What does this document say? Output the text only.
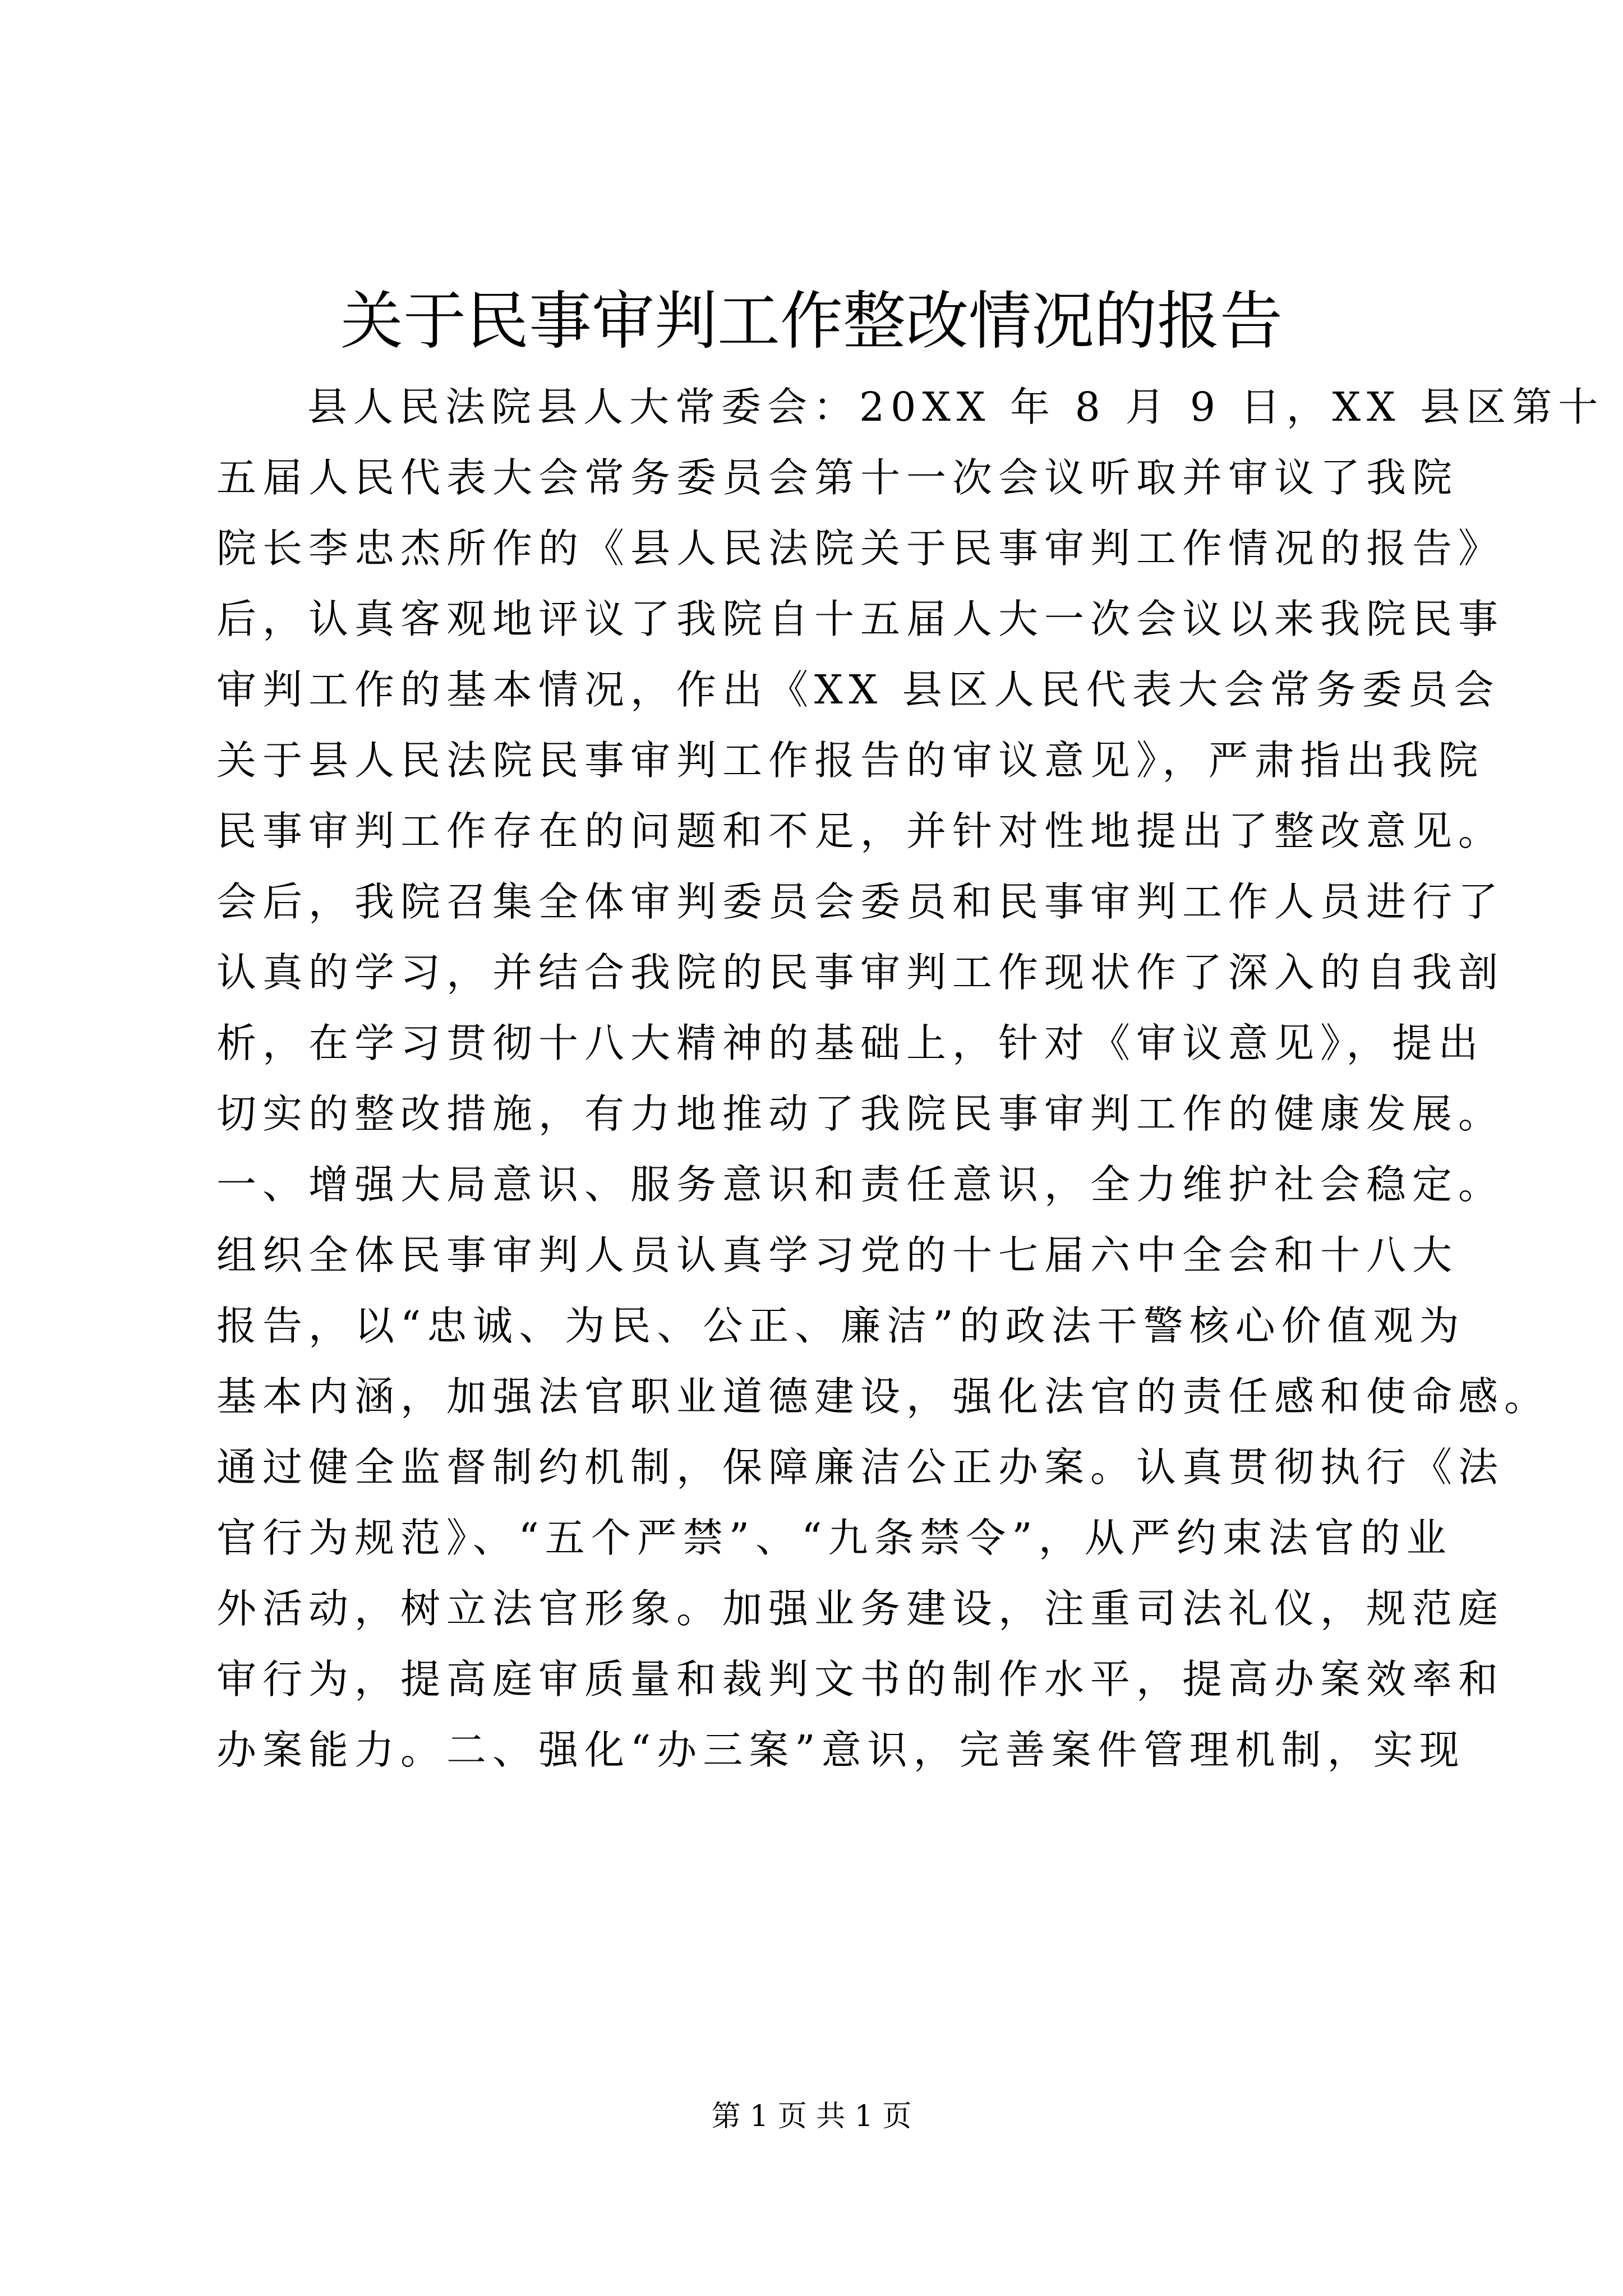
关于民事审判工作整改情况的报告
县人民法院县人大常委会：20XX 年 8 月 9 日，XX 县区第十
五届人民代表大会常务委员会第十一次会议听取并审议了我院
院长李忠杰所作的《县人民法院关于民事审判工作情况的报告》
后，认真客观地评议了我院自十五届人大一次会议以来我院民事
审判工作的基本情况，作出《XX 县区人民代表大会常务委员会
关于县人民法院民事审判工作报告的审议意见》，严肃指出我院
民事审判工作存在的问题和不足，并针对性地提出了整改意见。
会后，我院召集全体审判委员会委员和民事审判工作人员进行了
认真的学习，并结合我院的民事审判工作现状作了深入的自我剖
析，在学习贯彻十八大精神的基础上，针对《审议意见》，提出
切实的整改措施，有力地推动了我院民事审判工作的健康发展。
一、增强大局意识、服务意识和责任意识，全力维护社会稳定。
组织全体民事审判人员认真学习党的十七届六中全会和十八大
报告，以“忠诚、为民、公正、廉洁”的政法干警核心价值观为
基本内涵，加强法官职业道德建设，强化法官的责任感和使命感。
通过健全监督制约机制，保障廉洁公正办案。认真贯彻执行《法
官行为规范》、“五个严禁”、“九条禁令”，从严约束法官的业
外活动，树立法官形象。加强业务建设，注重司法礼仪，规范庭
审行为，提高庭审质量和裁判文书的制作水平，提高办案效率和
办案能力。二、强化“办三案”意识，完善案件管理机制，实现
第 1 页 共 1 页
